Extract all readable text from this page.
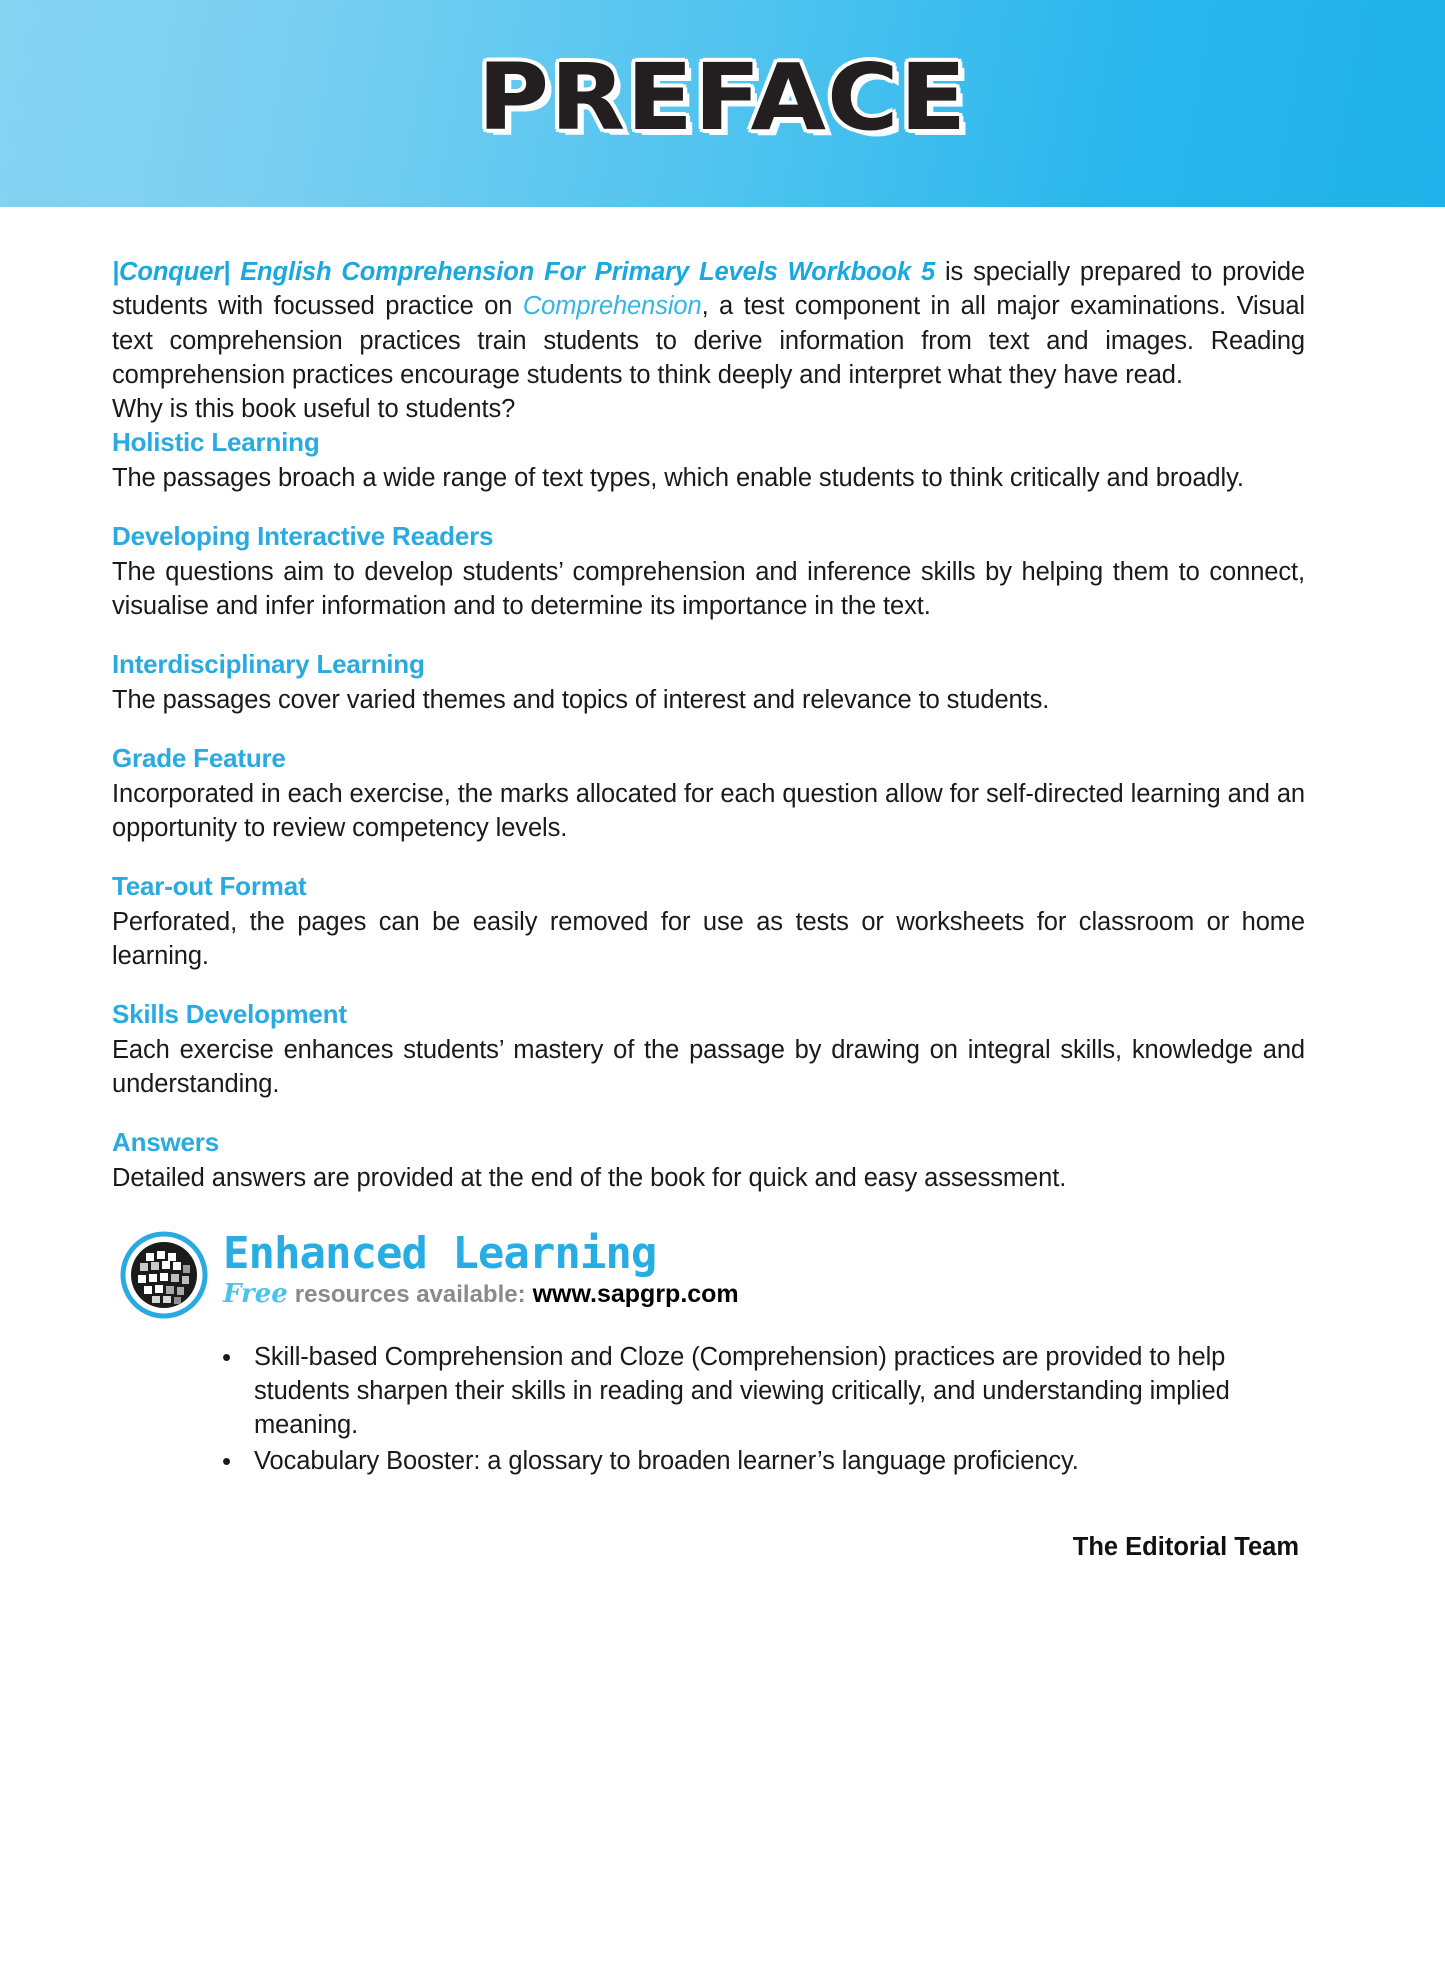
PREFACE

|Conquer| English Comprehension For Primary Levels Workbook 5 is specially prepared to provide students with focussed practice on Comprehension, a test component in all major examinations. Visual text comprehension practices train students to derive information from text and images. Reading comprehension practices encourage students to think deeply and interpret what they have read.

Why is this book useful to students?

Holistic Learning

The passages broach a wide range of text types, which enable students to think critically and broadly.

Developing Interactive Readers

The questions aim to develop students’ comprehension and inference skills by helping them to connect, visualise and infer information and to determine its importance in the text.

Interdisciplinary Learning

The passages cover varied themes and topics of interest and relevance to students.

Grade Feature

Incorporated in each exercise, the marks allocated for each question allow for self-directed learning and an opportunity to review competency levels.

Tear-out Format

Perforated, the pages can be easily removed for use as tests or worksheets for classroom or home learning.

Skills Development

Each exercise enhances students’ mastery of the passage by drawing on integral skills, knowledge and understanding.

Answers

Detailed answers are provided at the end of the book for quick and easy assessment.

Enhanced Learning
Free resources available: www.sapgrp.com
• Skill-based Comprehension and Cloze (Comprehension) practices are provided to help students sharpen their skills in reading and viewing critically, and understanding implied meaning.
• Vocabulary Booster: a glossary to broaden learner’s language proficiency.
The Editorial Team
